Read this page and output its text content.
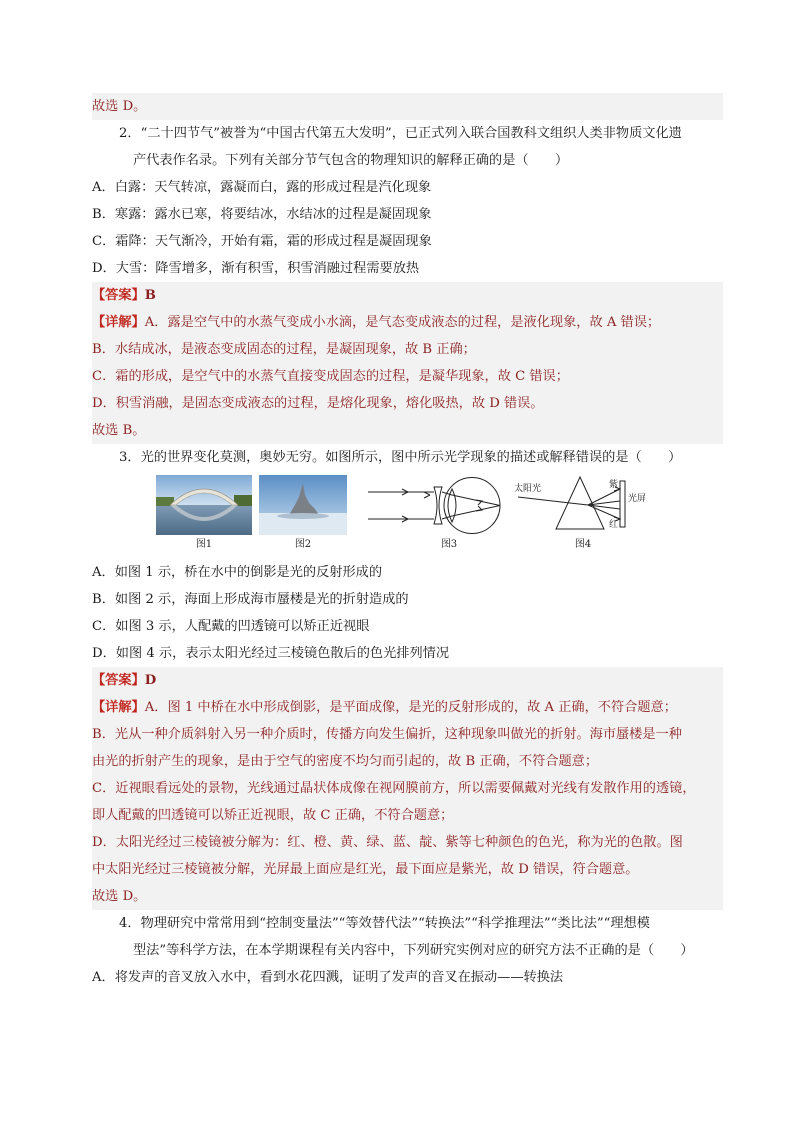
故选 D。
2．“二十四节气”被誉为“中国古代第五大发明”，已正式列入联合国教科文组织人类非物质文化遗
产代表作名录。下列有关部分节气包含的物理知识的解释正确的是（　　）
A．白露：天气转凉，露凝而白，露的形成过程是汽化现象
B．寒露：露水已寒，将要结冰，水结冰的过程是凝固现象
C．霜降：天气渐冷，开始有霜，霜的形成过程是凝固现象
D．大雪：降雪增多，渐有积雪，积雪消融过程需要放热
【答案】B
【详解】A．露是空气中的水蒸气变成小水滴，是气态变成液态的过程，是液化现象，故 A 错误；
B．水结成冰，是液态变成固态的过程，是凝固现象，故 B 正确；
C．霜的形成，是空气中的水蒸气直接变成固态的过程，是凝华现象，故 C 错误；
D．积雪消融，是固态变成液态的过程，是熔化现象，熔化吸热，故 D 错误。
故选 B。
3．光的世界变化莫测，奥妙无穷。如图所示，图中所示光学现象的描述或解释错误的是（　　）
图1	图2	图3
太阳光	紫
红
光屏
图4
A．如图 1 示，桥在水中的倒影是光的反射形成的
B．如图 2 示，海面上形成海市蜃楼是光的折射造成的
C．如图 3 示，人配戴的凹透镜可以矫正近视眼
D．如图 4 示，表示太阳光经过三棱镜色散后的色光排列情况
【答案】D
【详解】A．图 1 中桥在水中形成倒影，是平面成像，是光的反射形成的，故 A 正确，不符合题意；
B．光从一种介质斜射入另一种介质时，传播方向发生偏折，这种现象叫做光的折射。海市蜃楼是一种
由光的折射产生的现象，是由于空气的密度不均匀而引起的，故 B 正确，不符合题意；
C．近视眼看远处的景物，光线通过晶状体成像在视网膜前方，所以需要佩戴对光线有发散作用的透镜，
即人配戴的凹透镜可以矫正近视眼，故 C 正确，不符合题意；
D．太阳光经过三棱镜被分解为：红、橙、黄、绿、蓝、靛、紫等七种颜色的色光，称为光的色散。图
中太阳光经过三棱镜被分解，光屏最上面应是红光，最下面应是紫光，故 D 错误，符合题意。
故选 D。
4．物理研究中常常用到“控制变量法”“等效替代法”“转换法”“科学推理法”“类比法”“理想模
型法”等科学方法，在本学期课程有关内容中，下列研究实例对应的研究方法不正确的是（　　）
A．将发声的音叉放入水中，看到水花四溅，证明了发声的音叉在振动——转换法
